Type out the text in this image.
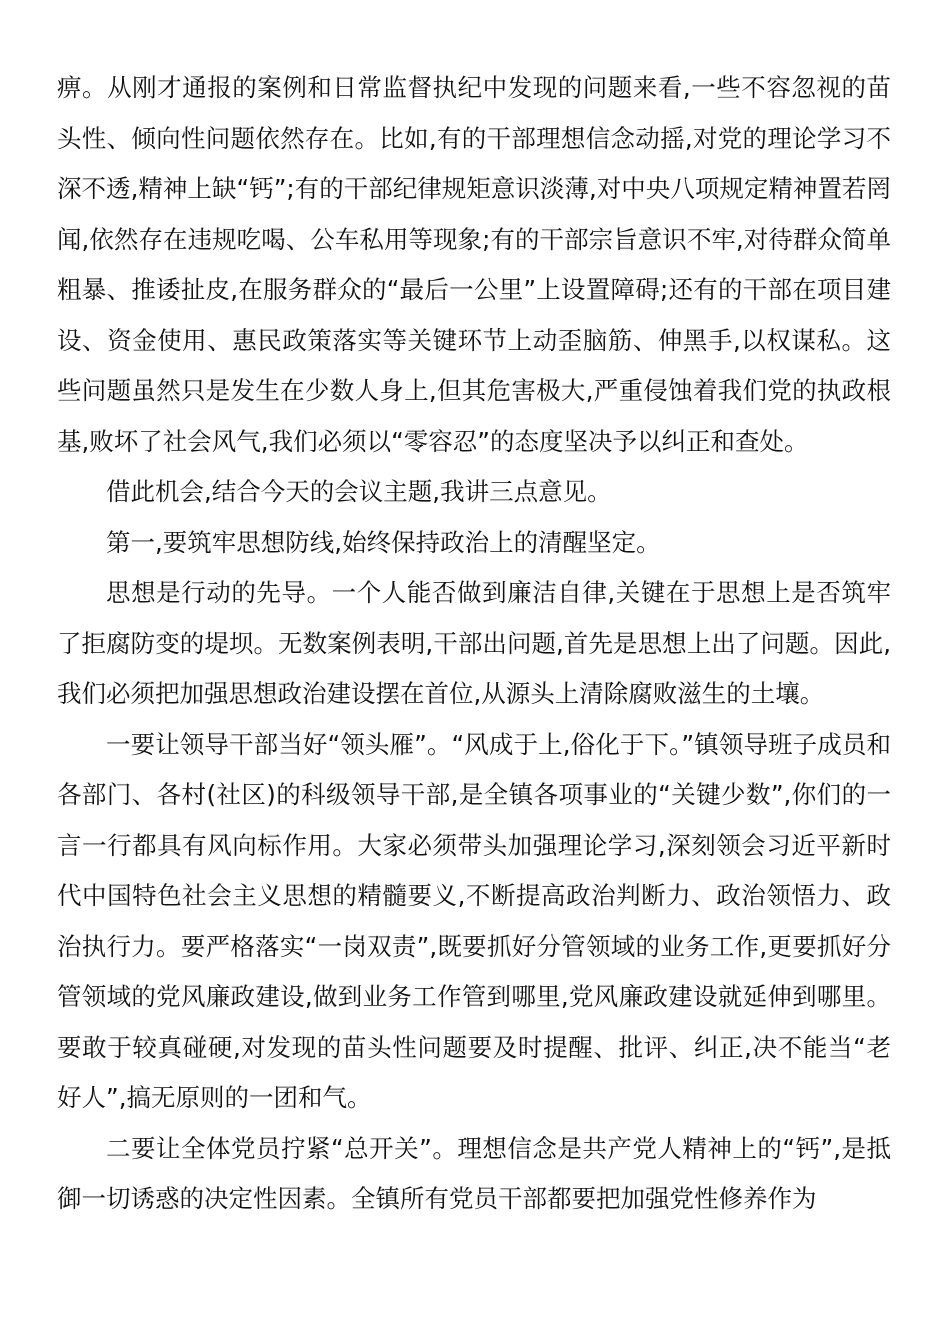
痹。从刚才通报的案例和日常监督执纪中发现的问题来看,一些不容忽视的苗头性、倾向性问题依然存在。比如,有的干部理想信念动摇,对党的理论学习不深不透,精神上缺“钙”;有的干部纪律规矩意识淡薄,对中央八项规定精神置若罔闻,依然存在违规吃喝、公车私用等现象;有的干部宗旨意识不牢,对待群众简单粗暴、推诿扯皮,在服务群众的“最后一公里”上设置障碍;还有的干部在项目建设、资金使用、惠民政策落实等关键环节上动歪脑筋、伸黑手,以权谋私。这些问题虽然只是发生在少数人身上,但其危害极大,严重侵蚀着我们党的执政根基,败坏了社会风气,我们必须以“零容忍”的态度坚决予以纠正和查处。

借此机会,结合今天的会议主题,我讲三点意见。

第一,要筑牢思想防线,始终保持政治上的清醒坚定。

思想是行动的先导。一个人能否做到廉洁自律,关键在于思想上是否筑牢了拒腐防变的堤坝。无数案例表明,干部出问题,首先是思想上出了问题。因此,我们必须把加强思想政治建设摆在首位,从源头上清除腐败滋生的土壤。

一要让领导干部当好“领头雁”。“风成于上,俗化于下。”镇领导班子成员和各部门、各村(社区)的科级领导干部,是全镇各项事业的“关键少数”,你们的一言一行都具有风向标作用。大家必须带头加强理论学习,深刻领会习近平新时代中国特色社会主义思想的精髓要义,不断提高政治判断力、政治领悟力、政治执行力。要严格落实“一岗双责”,既要抓好分管领域的业务工作,更要抓好分管领域的党风廉政建设,做到业务工作管到哪里,党风廉政建设就延伸到哪里。要敢于较真碰硬,对发现的苗头性问题要及时提醒、批评、纠正,决不能当“老好人”,搞无原则的一团和气。

二要让全体党员拧紧“总开关”。理想信念是共产党人精神上的“钙”,是抵御一切诱惑的决定性因素。全镇所有党员干部都要把加强党性修养作为
